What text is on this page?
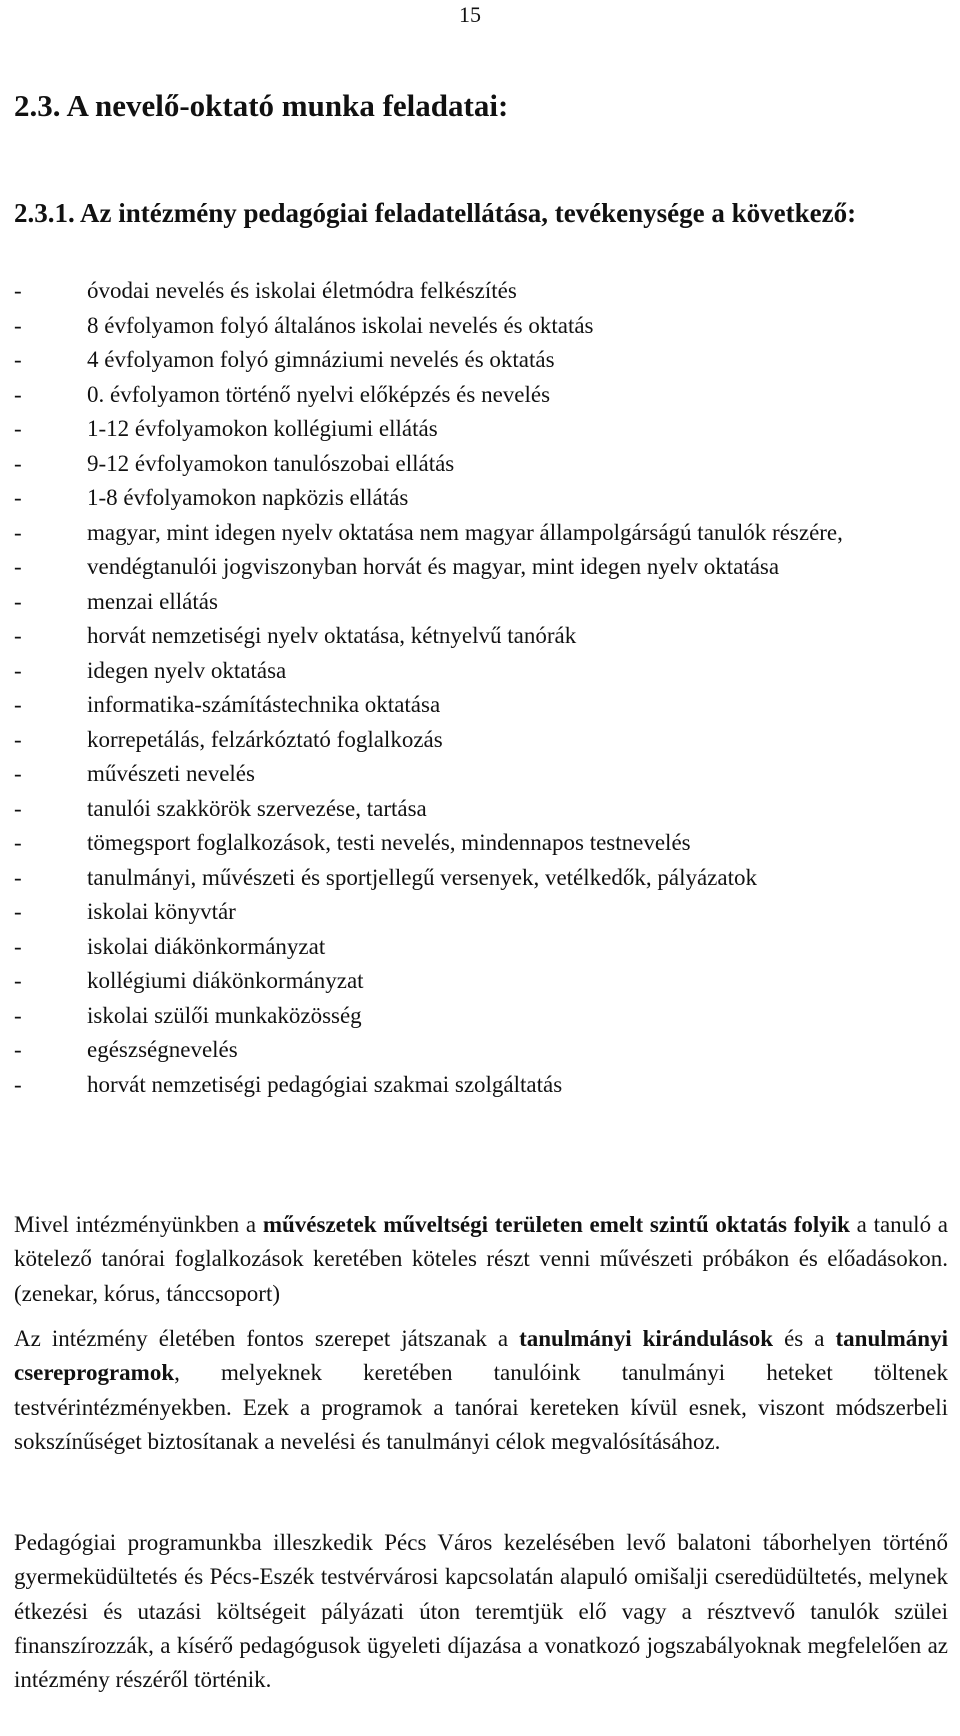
15
2.3. A nevelő-oktató munka feladatai:
2.3.1. Az intézmény pedagógiai feladatellátása, tevékenysége a következő:
-	óvodai nevelés és iskolai életmódra felkészítés
-	8 évfolyamon folyó általános iskolai nevelés és oktatás
-	4 évfolyamon folyó gimnáziumi nevelés és oktatás
-	0. évfolyamon történő nyelvi előképzés és nevelés
-	1-12 évfolyamokon kollégiumi ellátás
-	9-12 évfolyamokon tanulószobai ellátás
-	1-8 évfolyamokon napközis ellátás
-	magyar, mint idegen nyelv oktatása nem magyar állampolgárságú tanulók részére,
-	vendégtanulói jogviszonyban horvát és magyar, mint idegen nyelv oktatása
-	menzai ellátás
-	horvát nemzetiségi nyelv oktatása, kétnyelvű tanórák
-	idegen nyelv oktatása
-	informatika-számítástechnika oktatása
-	korrepetálás, felzárkóztató foglalkozás
-	művészeti nevelés
-	tanulói szakkörök szervezése, tartása
-	tömegsport foglalkozások, testi nevelés, mindennapos testnevelés
-	tanulmányi, művészeti és sportjellegű versenyek, vetélkedők, pályázatok
-	iskolai könyvtár
-	iskolai diákönkormányzat
-	kollégiumi diákönkormányzat
-	iskolai szülői munkaközösség
-	egészségnevelés
-	horvát nemzetiségi pedagógiai szakmai szolgáltatás

Mivel intézményünkben a művészetek műveltségi területen emelt szintű oktatás folyik a tanuló a kötelező tanórai foglalkozások keretében köteles részt venni művészeti próbákon és előadásokon. (zenekar, kórus, tánccsoport)

Az intézmény életében fontos szerepet játszanak a tanulmányi kirándulások és a tanulmányi csereprogramok, melyeknek keretében tanulóink tanulmányi heteket töltenek testvérintézményekben. Ezek a programok a tanórai kereteken kívül esnek, viszont módszerbeli sokszínűséget biztosítanak a nevelési és tanulmányi célok megvalósításához.

Pedagógiai programunkba illeszkedik Pécs Város kezelésében levő balatoni táborhelyen történő gyermeküdültetés és Pécs-Eszék testvérvárosi kapcsolatán alapuló omišalji cseredüdültetés, melynek étkezési és utazási költségeit pályázati úton teremtjük elő vagy a résztvevő tanulók szülei finanszírozzák, a kísérő pedagógusok ügyeleti díjazása a vonatkozó jogszabályoknak megfelelően az intézmény részéről történik.
